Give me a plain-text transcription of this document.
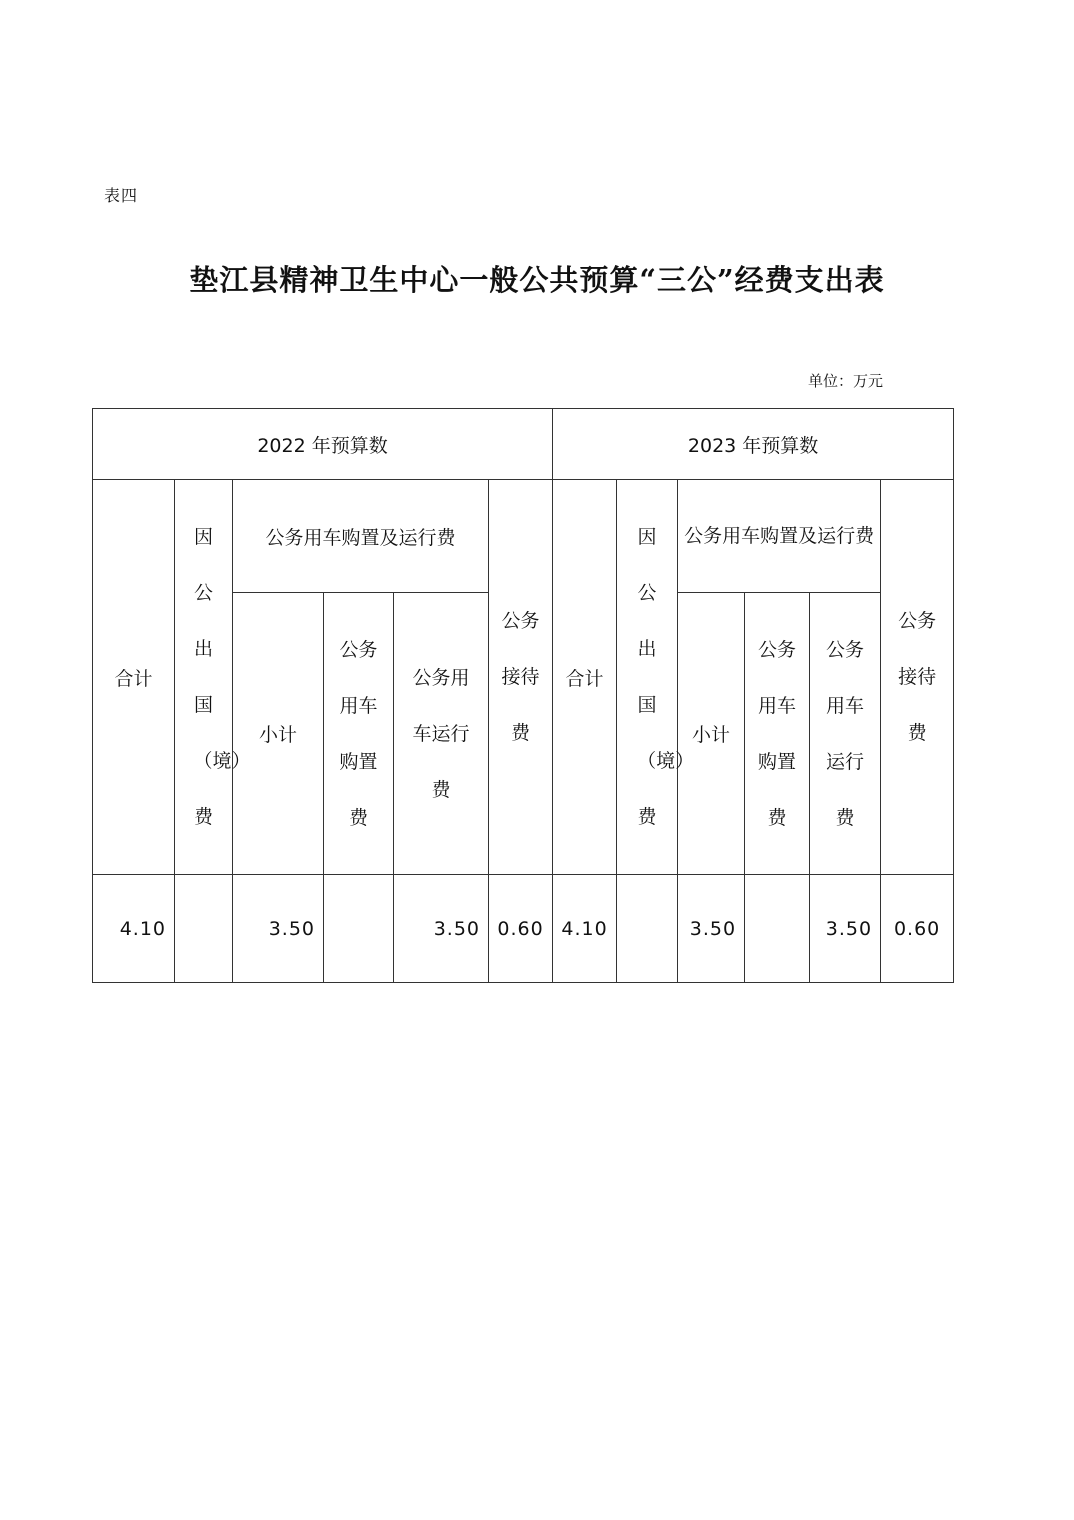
表四
垫江县精神卫生中心一般公共预算“三公”经费支出表
单位：万元
2022 年预算数						2023 年预算数					
合计	因公出国（境）费	公务用车购置及运行费			公务接待费	合计	因公出国（境）费	公务用车购置及运行费			公务接待费
		小计	公务用车购置费	公务用车运行费				小计	公务用车购置费	公务用车运行费	
4.10		3.50		3.50	0.60	4.10		3.50		3.50	0.60
